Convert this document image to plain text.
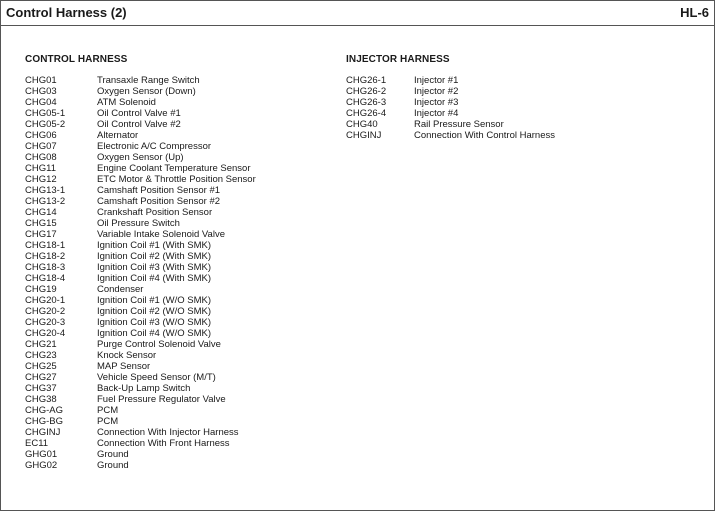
Control Harness (2)	HL-6
CONTROL HARNESS
CHG01	Transaxle Range Switch
CHG03	Oxygen Sensor (Down)
CHG04	ATM Solenoid
CHG05-1	Oil Control Valve #1
CHG05-2	Oil Control Valve #2
CHG06	Alternator
CHG07	Electronic A/C Compressor
CHG08	Oxygen Sensor (Up)
CHG11	Engine Coolant Temperature Sensor
CHG12	ETC Motor & Throttle Position Sensor
CHG13-1	Camshaft Position Sensor #1
CHG13-2	Camshaft Position Sensor #2
CHG14	Crankshaft Position Sensor
CHG15	Oil Pressure Switch
CHG17	Variable Intake Solenoid Valve
CHG18-1	Ignition Coil #1 (With SMK)
CHG18-2	Ignition Coil #2 (With SMK)
CHG18-3	Ignition Coil #3 (With SMK)
CHG18-4	Ignition Coil #4 (With SMK)
CHG19	Condenser
CHG20-1	Ignition Coil #1 (W/O SMK)
CHG20-2	Ignition Coil #2 (W/O SMK)
CHG20-3	Ignition Coil #3 (W/O SMK)
CHG20-4	Ignition Coil #4 (W/O SMK)
CHG21	Purge Control Solenoid Valve
CHG23	Knock Sensor
CHG25	MAP Sensor
CHG27	Vehicle Speed Sensor (M/T)
CHG37	Back-Up Lamp Switch
CHG38	Fuel Pressure Regulator Valve
CHG-AG	PCM
CHG-BG	PCM
CHGINJ	Connection With Injector Harness
EC11	Connection With Front Harness
GHG01	Ground
GHG02	Ground
INJECTOR HARNESS
CHG26-1	Injector #1
CHG26-2	Injector #2
CHG26-3	Injector #3
CHG26-4	Injector #4
CHG40	Rail Pressure Sensor
CHGINJ	Connection With Control Harness
